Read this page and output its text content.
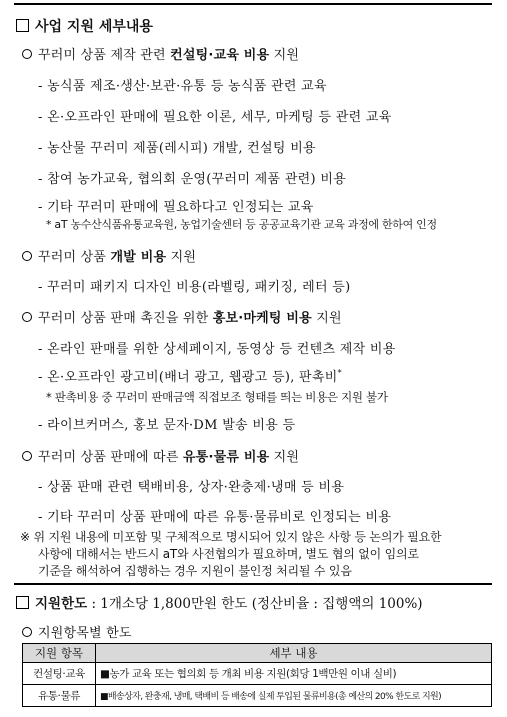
사업 지원 세부내용
꾸러미 상품 제작 관련 컨설팅·교육 비용 지원
- 농식품 제조·생산·보관·유통 등 농식품 관련 교육
- 온·오프라인 판매에 필요한 이론, 세무, 마케팅 등 관련 교육
- 농산물 꾸러미 제품(레시피) 개발, 컨설팅 비용
- 참여 농가교육, 협의회 운영(꾸러미 제품 관련) 비용
- 기타 꾸러미 판매에 필요하다고 인정되는 교육
* aT 농수산식품유통교육원, 농업기술센터 등 공공교육기관 교육 과정에 한하여 인정
꾸러미 상품 개발 비용 지원
- 꾸러미 패키지 디자인 비용(라벨링, 패키징, 레터 등)
꾸러미 상품 판매 촉진을 위한 홍보·마케팅 비용 지원
- 온라인 판매를 위한 상세페이지, 동영상 등 컨텐츠 제작 비용
- 온·오프라인 광고비(배너 광고, 웹광고 등), 판촉비*
* 판촉비용 중 꾸러미 판매금액 직접보조 형태를 띄는 비용은 지원 불가
- 라이브커머스, 홍보 문자·DM 발송 비용 등
꾸러미 상품 판매에 따른 유통·물류 비용 지원
- 상품 판매 관련 택배비용, 상자·완충제·냉매 등 비용
- 기타 꾸러미 상품 판매에 따른 유통·물류비로 인정되는 비용
※ 위 지원 내용에 미포함 및 구체적으로 명시되어 있지 않은 사항 등 논의가 필요한
사항에 대해서는 반드시 aT와 사전협의가 필요하며, 별도 협의 없이 임의로
기준을 해석하여 집행하는 경우 지원이 불인정 처리될 수 있음
지원한도 : 1개소당 1,800만원 한도 (정산비율 : 집행액의 100%)
지원항목별 한도
지원 항목	세부 내용
컨설팅·교육	■농가 교육 또는 협의회 등 개최 비용 지원(회당 1백만원 이내 실비)
유통·물류	■배송상자, 완충재, 냉매, 택배비 등 배송에 실제 투입된 물류비용(총 예산의 20% 한도로 지원)
